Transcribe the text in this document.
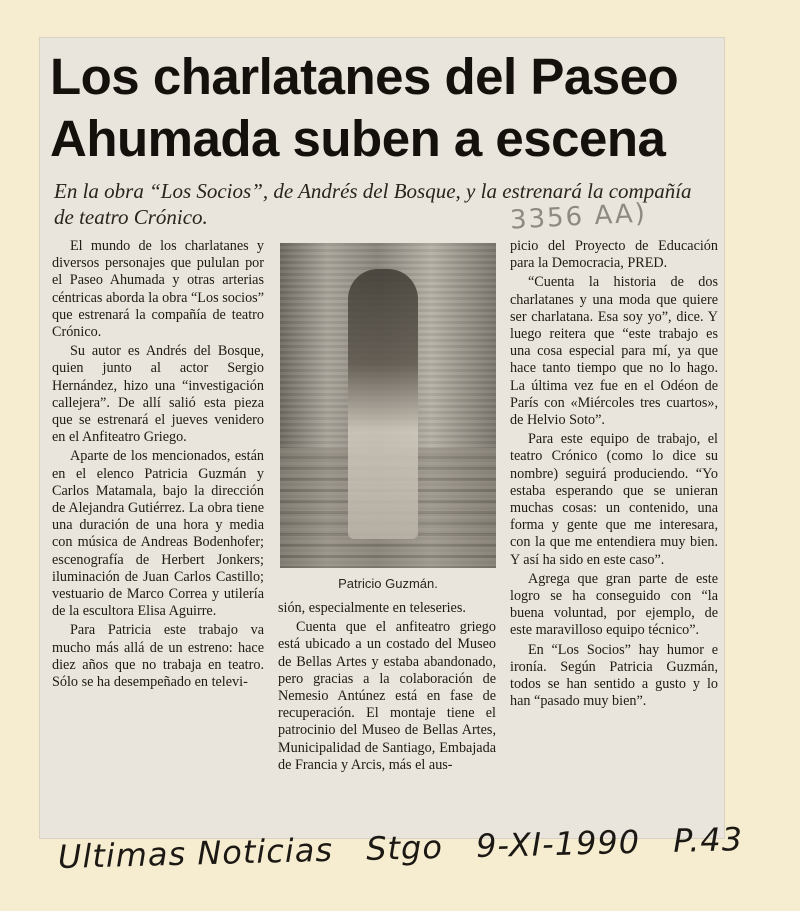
Los charlatanes del Paseo
Ahumada suben a escena

En la obra “Los Socios”, de Andrés del Bosque, y la estrenará la compañía de teatro Crónico.	3356 AA)

El mundo de los charlatanes y diversos personajes que pululan por el Paseo Ahumada y otras arterias céntricas aborda la obra “Los socios” que estrenará la compañía de teatro Crónico.

Su autor es Andrés del Bosque, quien junto al actor Sergio Hernández, hizo una “investigación callejera”. De allí salió esta pieza que se estrenará el jueves venidero en el Anfiteatro Griego.

Aparte de los mencionados, están en el elenco Patricia Guzmán y Carlos Matamala, bajo la dirección de Alejandra Gutiérrez. La obra tiene una duración de una hora y media con música de Andreas Bodenhofer; escenografía de Herbert Jonkers; iluminación de Juan Carlos Castillo; vestuario de Marco Correa y utilería de la escultora Elisa Aguirre.

Para Patricia este trabajo va mucho más allá de un estreno: hace diez años que no trabaja en teatro. Sólo se ha desempeñado en televi-

Patricio Guzmán.

sión, especialmente en teleseries.

Cuenta que el anfiteatro griego está ubicado a un costado del Museo de Bellas Artes y estaba abandonado, pero gracias a la colaboración de Nemesio Antúnez está en fase de recuperación. El montaje tiene el patrocinio del Museo de Bellas Artes, Municipalidad de Santiago, Embajada de Francia y Arcis, más el aus-

picio del Proyecto de Educación para la Democracia, PRED.

“Cuenta la historia de dos charlatanes y una moda que quiere ser charlatana. Esa soy yo”, dice. Y luego reitera que “este trabajo es una cosa especial para mí, ya que hace tanto tiempo que no lo hago. La última vez fue en el Odéon de París con «Miércoles tres cuartos», de Helvio Soto”.

Para este equipo de trabajo, el teatro Crónico (como lo dice su nombre) seguirá produciendo. “Yo estaba esperando que se unieran muchas cosas: un contenido, una forma y gente que me interesara, con la que me entendiera muy bien. Y así ha sido en este caso”.

Agrega que gran parte de este logro se ha conseguido con “la buena voluntad, por ejemplo, de este maravilloso equipo técnico”.

En “Los Socios” hay humor e ironía. Según Patricia Guzmán, todos se han sentido a gusto y lo han “pasado muy bien”.

Ultimas Noticias Stgo 9-XI-1990 P.43
